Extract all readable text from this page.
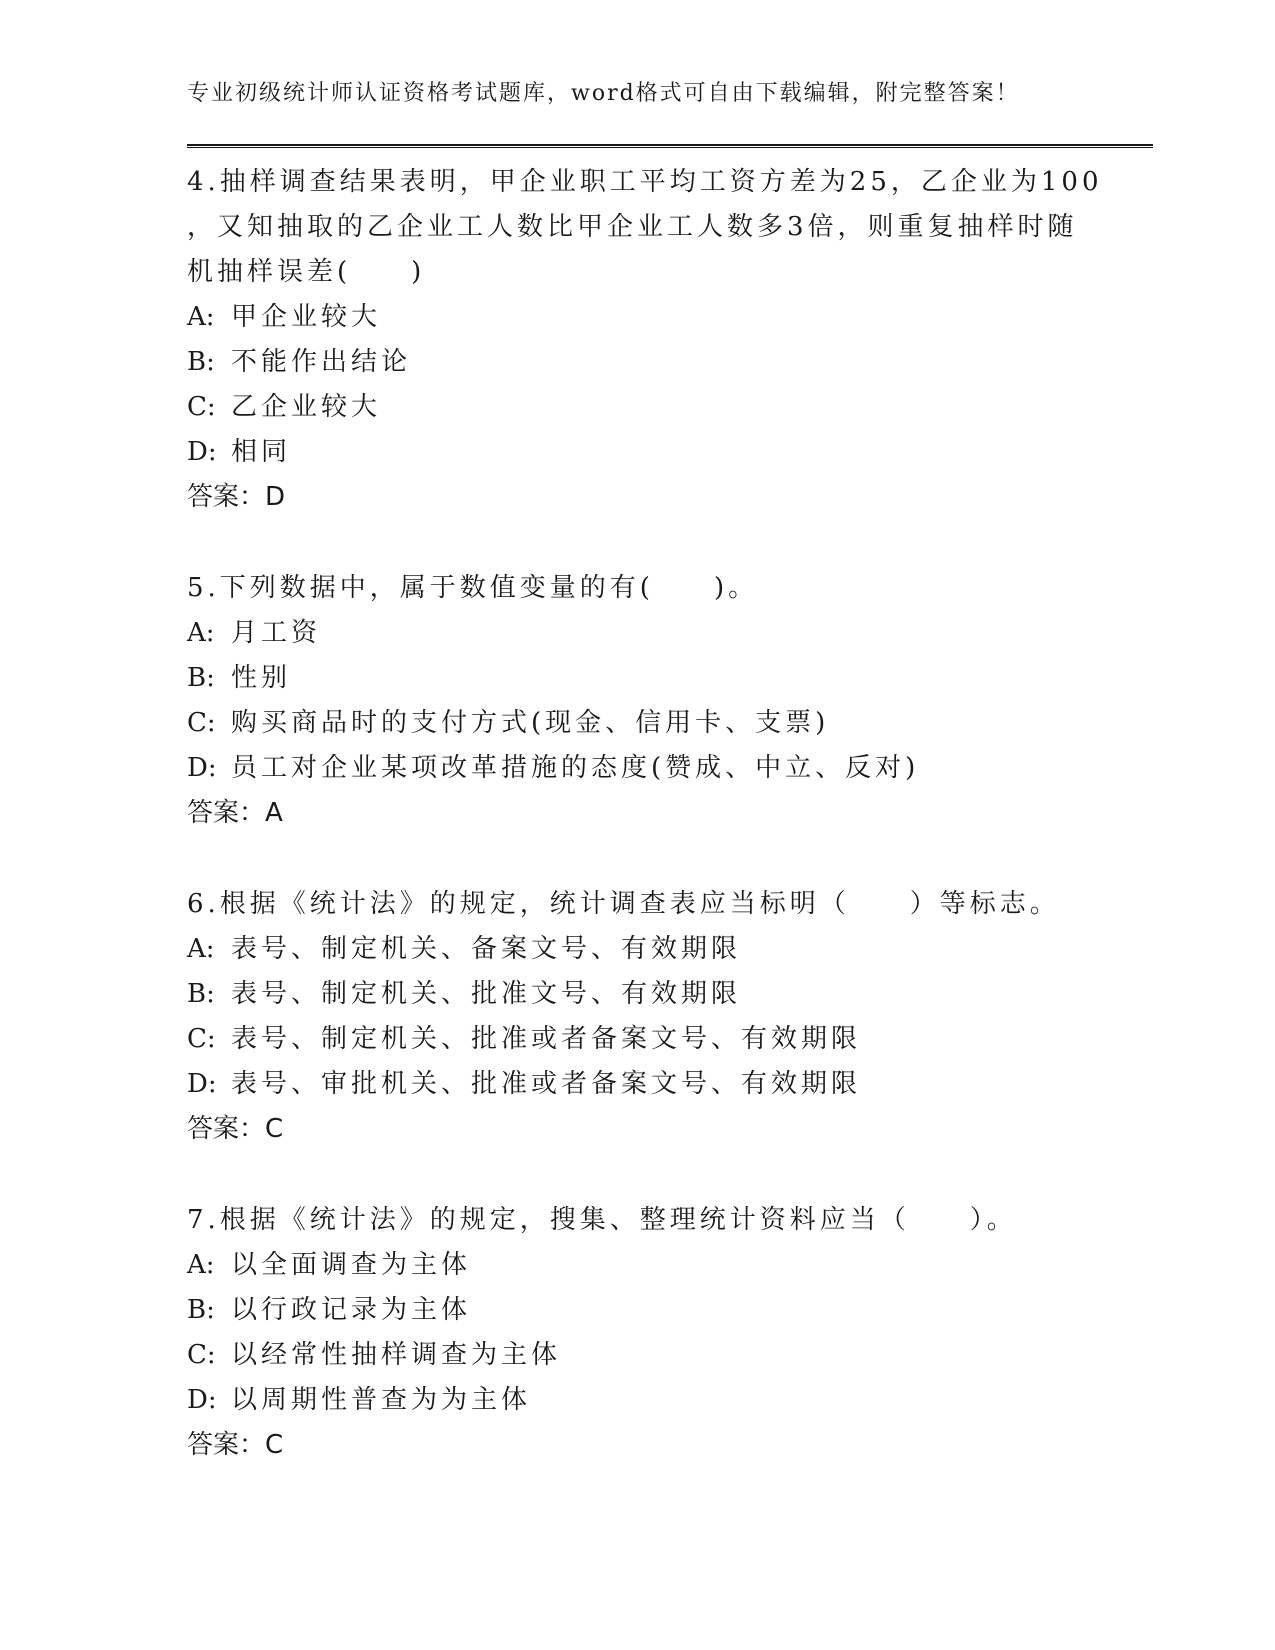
专业初级统计师认证资格考试题库，word格式可自由下载编辑，附完整答案！

4.抽样调查结果表明，甲企业职工平均工资方差为25，乙企业为100

，又知抽取的乙企业工人数比甲企业工人数多3倍，则重复抽样时随

机抽样误差(　　)

A: 甲企业较大
B: 不能作出结论
C: 乙企业较大
D: 相同
答案：D

5.下列数据中，属于数值变量的有(　　)。

A: 月工资
B: 性别
C: 购买商品时的支付方式(现金、信用卡、支票)
D: 员工对企业某项改革措施的态度(赞成、中立、反对)
答案：A

6.根据《统计法》的规定，统计调查表应当标明（　　）等标志。

A: 表号、制定机关、备案文号、有效期限
B: 表号、制定机关、批准文号、有效期限
C: 表号、制定机关、批准或者备案文号、有效期限
D: 表号、审批机关、批准或者备案文号、有效期限
答案：C

7.根据《统计法》的规定，搜集、整理统计资料应当（　　）。

A: 以全面调查为主体
B: 以行政记录为主体
C: 以经常性抽样调查为主体
D: 以周期性普查为为主体
答案：C
